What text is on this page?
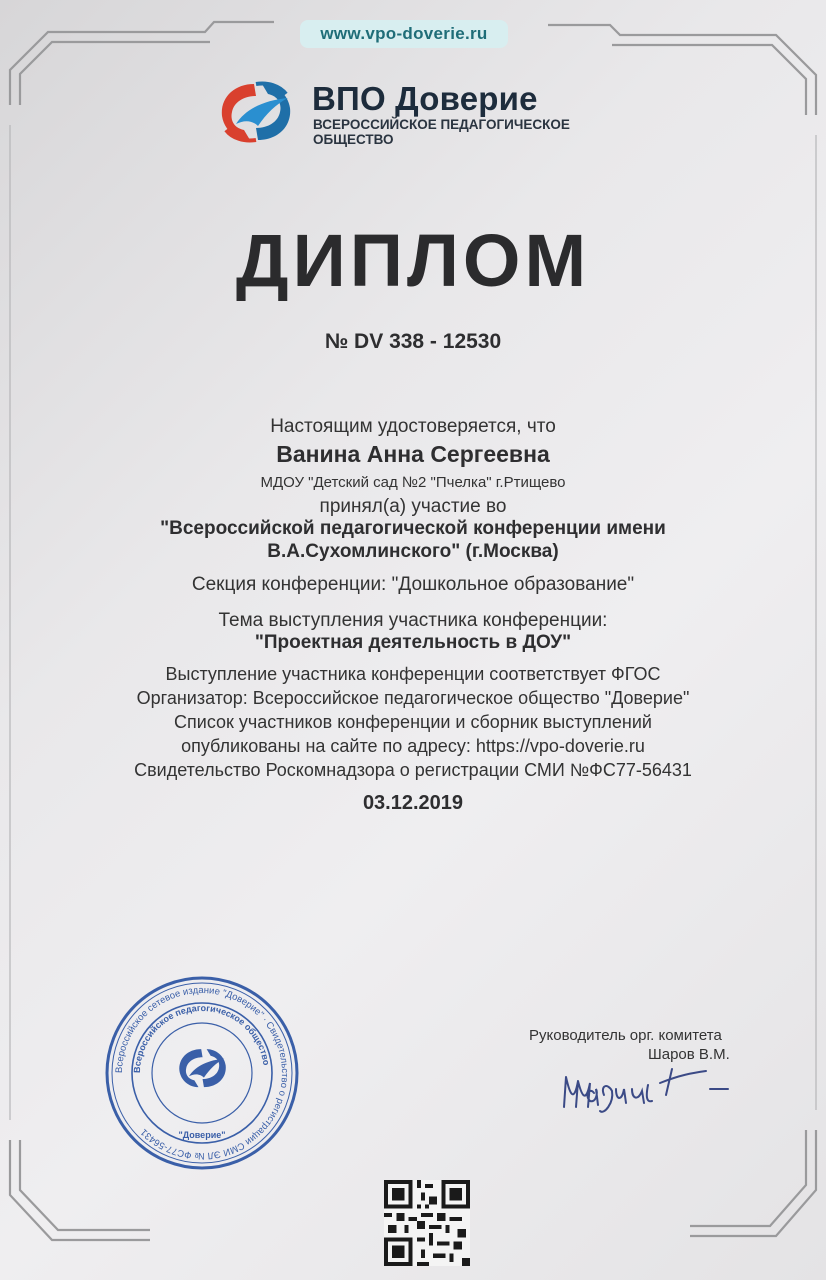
www.vpo-doverie.ru
ВПО Доверие
ВСЕРОССИЙСКОЕ ПЕДАГОГИЧЕСКОЕ
ОБЩЕСТВО
ДИПЛОМ
№ DV 338 - 12530
Настоящим удостоверяется, что
Ванина Анна Сергеевна
МДОУ "Детский сад №2 "Пчелка" г.Ртищево
принял(а) участие во
"Всероссийской педагогической конференции имени
В.А.Сухомлинского" (г.Москва)
Секция конференции: "Дошкольное образование"
Тема выступления участника конференции:
"Проектная деятельность в ДОУ"
Выступление участника конференции соответствует ФГОС
Организатор: Всероссийское педагогическое общество "Доверие"
Список участников конференции и сборник выступлений
опубликованы на сайте по адресу: https://vpo-doverie.ru
Свидетельство Роскомнадзора о регистрации СМИ №ФС77-56431
03.12.2019
Всероссийское сетевое издание "Доверие" · Свидетельство о регистрации СМИ ЭЛ № ФС77-56431
Всероссийское педагогическое общество
"Доверие"
Руководитель орг. комитета
Шаров В.М.
